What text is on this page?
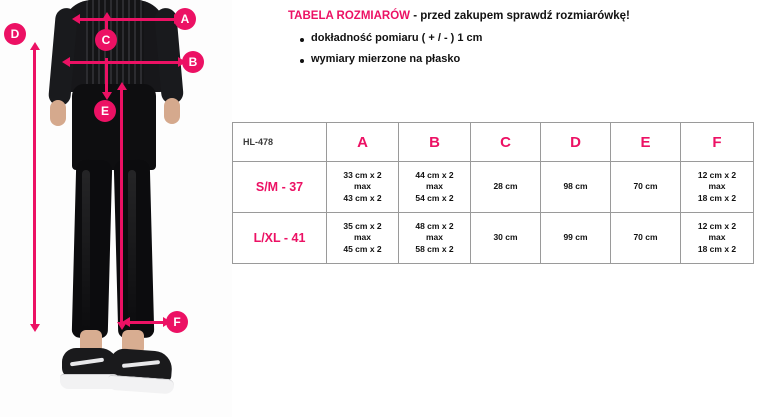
A
B
C
D
E
F
TABELA ROZMIARÓW - przed zakupem sprawdź rozmiarówkę!
dokładność pomiaru ( + / - ) 1 cm
wymiary mierzone na płasko
HL-478	A	B	C	D	E	F
S/M - 37	33 cm x 2
max
43 cm x 2	44 cm x 2
max
54 cm x 2	28 cm	98 cm	70 cm	12 cm x 2
max
18 cm x 2

L/XL - 41	35 cm x 2
max
45 cm x 2	48 cm x 2
max
58 cm x 2	30 cm	99 cm	70 cm	12 cm x 2
max
18 cm x 2
